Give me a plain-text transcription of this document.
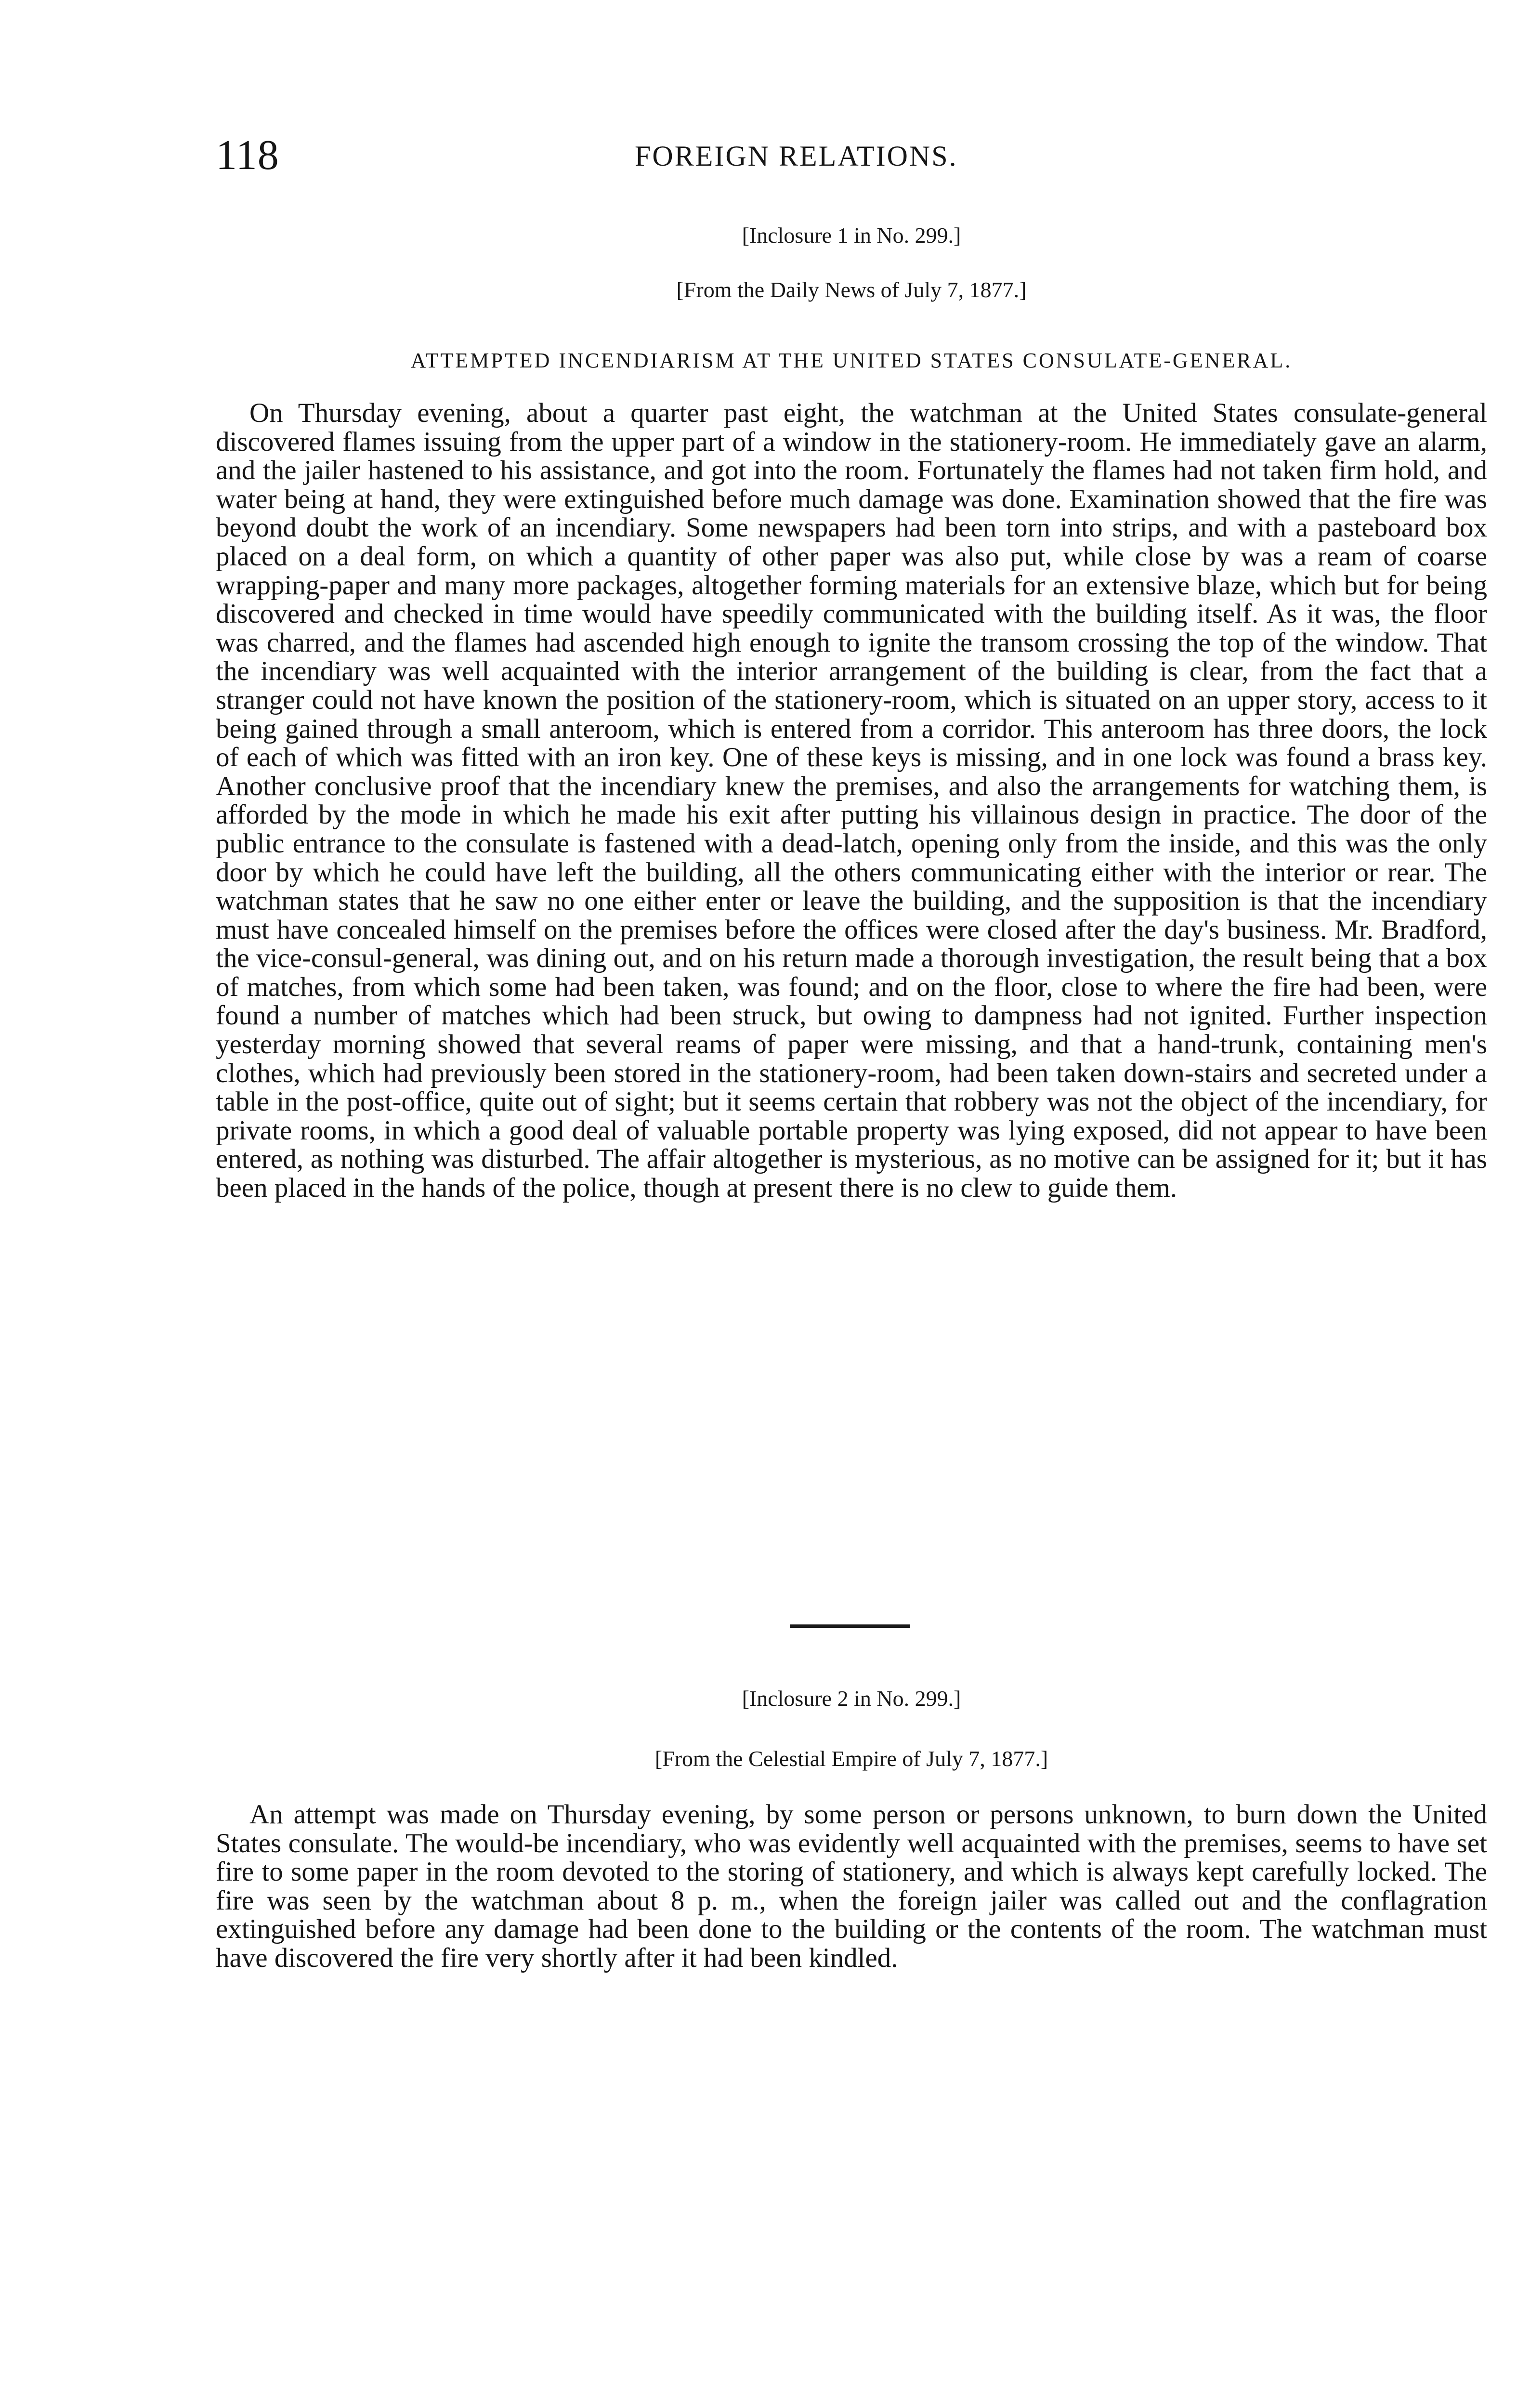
118	FOREIGN RELATIONS.
[Inclosure 1 in No. 299.]
[From the Daily News of July 7, 1877.]
ATTEMPTED INCENDIARISM AT THE UNITED STATES CONSULATE-GENERAL.

On Thursday evening, about a quarter past eight, the watchman at the United States consulate-general discovered flames issuing from the upper part of a window in the stationery-room. He immediately gave an alarm, and the jailer hastened to his assistance, and got into the room. Fortunately the flames had not taken firm hold, and water being at hand, they were extinguished before much damage was done. Examination showed that the fire was beyond doubt the work of an incendiary. Some newspapers had been torn into strips, and with a pasteboard box placed on a deal form, on which a quantity of other paper was also put, while close by was a ream of coarse wrapping-paper and many more packages, altogether forming materials for an extensive blaze, which but for being discovered and checked in time would have speedily communicated with the building itself. As it was, the floor was charred, and the flames had ascended high enough to ignite the transom crossing the top of the window. That the incendiary was well acquainted with the interior arrangement of the building is clear, from the fact that a stranger could not have known the position of the stationery-room, which is situated on an upper story, access to it being gained through a small anteroom, which is entered from a corridor. This anteroom has three doors, the lock of each of which was fitted with an iron key. One of these keys is missing, and in one lock was found a brass key. Another conclusive proof that the incendiary knew the premises, and also the arrangements for watching them, is afforded by the mode in which he made his exit after putting his villainous design in practice. The door of the public entrance to the consulate is fastened with a dead-latch, opening only from the inside, and this was the only door by which he could have left the building, all the others communicating either with the interior or rear. The watchman states that he saw no one either enter or leave the building, and the supposition is that the incendiary must have concealed himself on the premises before the offices were closed after the day's business. Mr. Bradford, the vice-consul-general, was dining out, and on his return made a thorough investigation, the result being that a box of matches, from which some had been taken, was found; and on the floor, close to where the fire had been, were found a number of matches which had been struck, but owing to dampness had not ignited. Further inspection yesterday morning showed that several reams of paper were missing, and that a hand-trunk, containing men's clothes, which had previously been stored in the stationery-room, had been taken down-stairs and secreted under a table in the post-office, quite out of sight; but it seems certain that robbery was not the object of the incendiary, for private rooms, in which a good deal of valuable portable property was lying exposed, did not appear to have been entered, as nothing was disturbed. The affair altogether is mysterious, as no motive can be assigned for it; but it has been placed in the hands of the police, though at present there is no clew to guide them.

[Inclosure 2 in No. 299.]
[From the Celestial Empire of July 7, 1877.]

An attempt was made on Thursday evening, by some person or persons unknown, to burn down the United States consulate. The would-be incendiary, who was evidently well acquainted with the premises, seems to have set fire to some paper in the room devoted to the storing of stationery, and which is always kept carefully locked. The fire was seen by the watchman about 8 p. m., when the foreign jailer was called out and the conflagration extinguished before any damage had been done to the building or the contents of the room. The watchman must have discovered the fire very shortly after it had been kindled.
